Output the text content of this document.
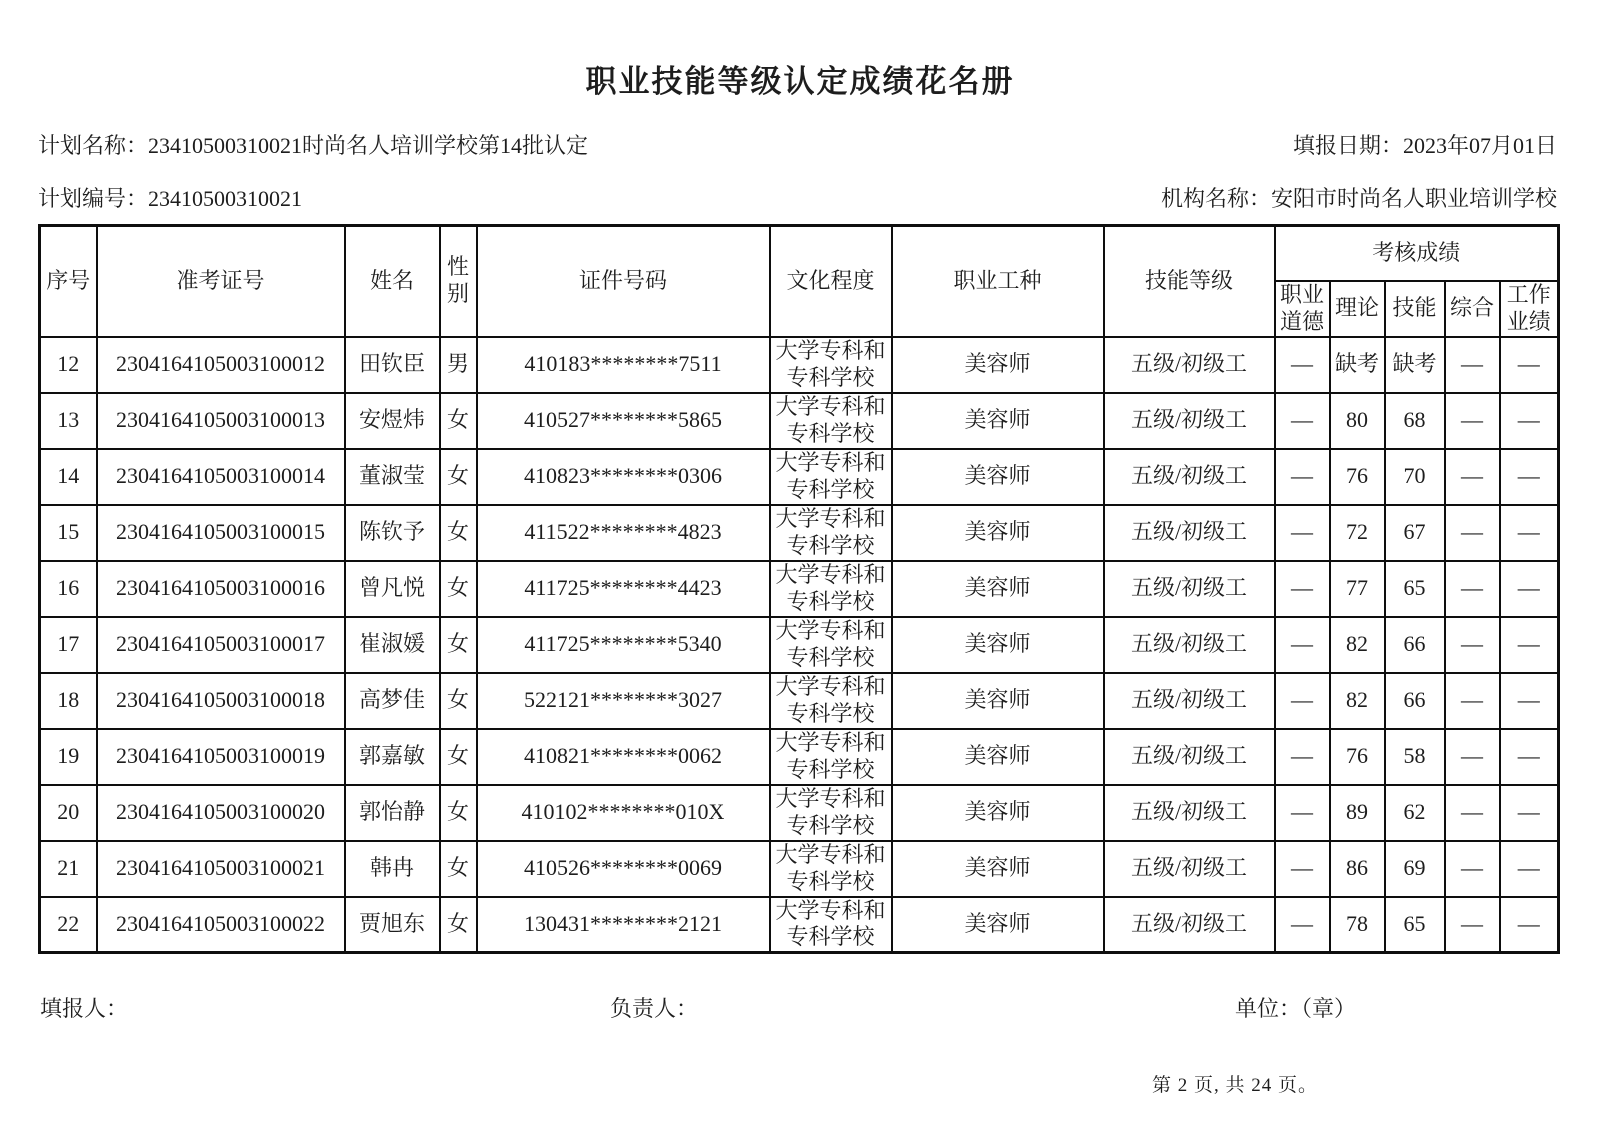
职业技能等级认定成绩花名册
计划名称：23410500310021时尚名人培训学校第14批认定	填报日期：2023年07月01日
计划编号：23410500310021	机构名称：安阳市时尚名人职业培训学校
序号	准考证号	姓名	性别	证件号码	文化程度	职业工种	技能等级	考核成绩				
								职业道德	理论	技能	综合	工作业绩
12	2304164105003100012	田钦臣	男	410183********7511	大学专科和专科学校	美容师	五级/初级工	—	缺考	缺考	—	—
13	2304164105003100013	安煜炜	女	410527********5865	大学专科和专科学校	美容师	五级/初级工	—	80	68	—	—
14	2304164105003100014	董淑莹	女	410823********0306	大学专科和专科学校	美容师	五级/初级工	—	76	70	—	—
15	2304164105003100015	陈钦予	女	411522********4823	大学专科和专科学校	美容师	五级/初级工	—	72	67	—	—
16	2304164105003100016	曾凡悦	女	411725********4423	大学专科和专科学校	美容师	五级/初级工	—	77	65	—	—
17	2304164105003100017	崔淑媛	女	411725********5340	大学专科和专科学校	美容师	五级/初级工	—	82	66	—	—
18	2304164105003100018	高梦佳	女	522121********3027	大学专科和专科学校	美容师	五级/初级工	—	82	66	—	—
19	2304164105003100019	郭嘉敏	女	410821********0062	大学专科和专科学校	美容师	五级/初级工	—	76	58	—	—
20	2304164105003100020	郭怡静	女	410102********010X	大学专科和专科学校	美容师	五级/初级工	—	89	62	—	—
21	2304164105003100021	韩冉	女	410526********0069	大学专科和专科学校	美容师	五级/初级工	—	86	69	—	—
22	2304164105003100022	贾旭东	女	130431********2121	大学专科和专科学校	美容师	五级/初级工	—	78	65	—	—
填报人：	负责人：	单位：（章）
第 2 页, 共 24 页。
